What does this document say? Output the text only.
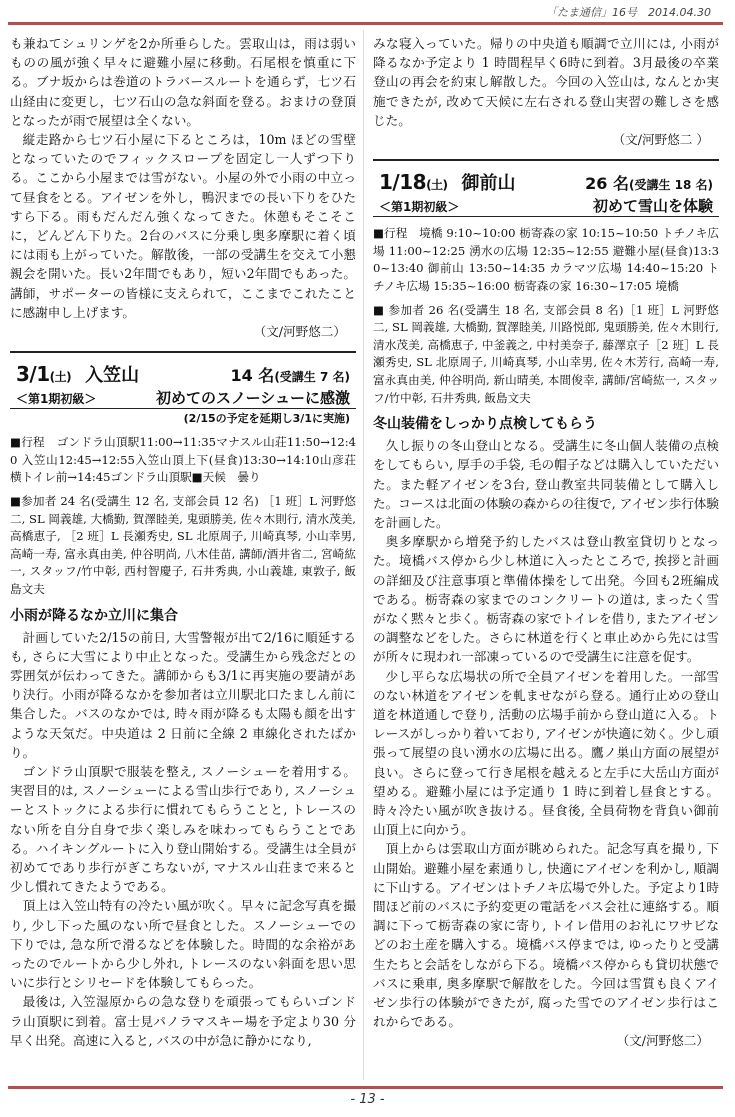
「たま通信」16号　2014.04.30

も兼ねてシュリンゲを2か所垂らした。雲取山は，雨は弱いものの風が強く早々に避難小屋に移動。石尾根を慎重に下る。ブナ坂からは巻道のトラバースルートを通らず，七ツ石山経由に変更し，七ツ石山の急な斜面を登る。おまけの登頂となったが雨で展望は全くない。

縦走路から七ツ石小屋に下るところは，10m ほどの雪壁となっていたのでフィックスロープを固定し一人ずつ下りる。ここから小屋までは雪がない。小屋の外で小雨の中立って昼食をとる。アイゼンを外し，鴨沢までの長い下りをひたすら下る。雨もだんだん強くなってきた。休憩もそこそこに，どんどん下りた。2台のバスに分乗し奥多摩駅に着く頃には雨も上がっていた。解散後，一部の受講生を交えて小懇親会を開いた。長い2年間でもあり，短い2年間でもあった。講師，サポーターの皆様に支えられて，ここまでこれたことに感謝申し上げます。

（文/河野悠二）

3/1(土) 入笠山	14 名(受講生 7 名)
＜第1期初級＞	初めてのスノーシューに感激
(2/15の予定を延期し3/1に実施)

■行程　ゴンドラ山頂駅11:00→11:35マナスル山荘11:50→12:40 入笠山12:45→12:55入笠山頂上下(昼食)13:30→14:10山彦荘横トイレ前→14:45ゴンドラ山頂駅■天候　曇り

■参加者 24 名(受講生 12 名, 支部会員 12 名) ［1 班］L 河野悠二, SL 岡義雄, 大橋勤, 賀澤睦美, 鬼頭勝美, 佐々木則行, 清水茂美, 高橋恵子, ［2 班］L 長瀬秀史, SL 北原周子, 川崎真琴, 小山幸男, 高崎一寿, 富永真由美, 仲谷明尚, 八木佳苗, 講師/酒井省二, 宮崎紘一, スタッフ/竹中彰, 西村智慶子, 石井秀典, 小山義雄, 東敦子, 飯島文夫

小雨が降るなか立川に集合

計画していた2/15の前日, 大雪警報が出て2/16に順延するも, さらに大雪により中止となった。受講生から残念だとの雰囲気が伝わってきた。講師からも3/1に再実施の要請があり決行。小雨が降るなかを参加者は立川駅北口たましん前に集合した。バスのなかでは, 時々雨が降るも太陽も顔を出すような天気だ。中央道は 2 日前に全線 2 車線化されたばかり。

ゴンドラ山頂駅で服装を整え, スノーシューを着用する。実習目的は, スノーシューによる雪山歩行であり, スノーシューとストックによる歩行に慣れてもらうことと, トレースのない所を自分自身で歩く楽しみを味わってもらうことである。ハイキングルートに入り登山開始する。受講生は全員が初めてであり歩行がぎこちないが, マナスル山荘まで来ると少し慣れてきたようである。

頂上は入笠山特有の冷たい風が吹く。早々に記念写真を撮り, 少し下った風のない所で昼食とした。スノーシューでの下りでは, 急な所で滑るなどを体験した。時間的な余裕があったのでルートから少し外れ, トレースのない斜面を思い思いに歩行とシリセードを体験してもらった。

最後は, 入笠湿原からの急な登りを頑張ってもらいゴンドラ山頂駅に到着。富士見パノラマスキー場を予定より30 分早く出発。高速に入ると, バスの中が急に静かになり,

みな寝入っていた。帰りの中央道も順調で立川には, 小雨が降るなか予定より 1 時間程早く6時に到着。3月最後の卒業登山の再会を約束し解散した。今回の入笠山は, なんとか実施できたが, 改めて天候に左右される登山実習の難しさを感じた。

（文/河野悠二 ）

1/18(土) 御前山	26 名(受講生 18 名)
＜第1期初級＞	初めて雪山を体験

■行程　境橋 9:10~10:00 栃寄森の家 10:15~10:50 トチノキ広場 11:00~12:25 湧水の広場 12:35~12:55 避難小屋(昼食)13:30~13:40 御前山 13:50~14:35 カラマツ広場 14:40~15:20 トチノキ広場 15:35~16:00 栃寄森の家 16:30~17:05 境橋

■ 参加者 26 名(受講生 18 名, 支部会員 8 名)［1 班］L 河野悠二, SL 岡義雄, 大橋勤, 賀澤睦美, 川路悦郎, 鬼頭勝美, 佐々木則行, 清水茂美, 高橋恵子, 中釜義之, 中村美奈子, 藤澤京子［2 班］L 長瀬秀史, SL 北原周子, 川崎真琴, 小山幸男, 佐々木芳行, 高崎一寿, 富永真由美, 仲谷明尚, 新山晴美, 本間俊幸, 講師/宮崎紘一, スタッフ/竹中彰, 石井秀典, 飯島文夫

冬山装備をしっかり点検してもらう

久し振りの冬山登山となる。受講生に冬山個人装備の点検をしてもらい, 厚手の手袋, 毛の帽子などは購入していただいた。また軽アイゼンを3台, 登山教室共同装備として購入した。コースは北面の体験の森からの往復で, アイゼン歩行体験を計画した。

奥多摩駅から増発予約したバスは登山教室貸切りとなった。境橋バス停から少し林道に入ったところで, 挨拶と計画の詳細及び注意事項と準備体操をして出発。今回も2班編成である。栃寄森の家までのコンクリートの道は, まったく雪がなく黙々と歩く。栃寄森の家でトイレを借り, またアイゼンの調整などをした。さらに林道を行くと車止めから先には雪が所々に現われ一部凍っているので受講生に注意を促す。

少し平らな広場状の所で全員アイゼンを着用した。一部雪のない林道をアイゼンを軋ませながら登る。通行止めの登山道を林道通しで登り, 活動の広場手前から登山道に入る。トレースがしっかり着いており, アイゼンが快適に効く。少し頑張って展望の良い湧水の広場に出る。鷹ノ巣山方面の展望が良い。さらに登って行き尾根を越えると左手に大岳山方面が望める。避難小屋には予定通り 1 時に到着し昼食とする。時々冷たい風が吹き抜ける。昼食後, 全員荷物を背負い御前山頂上に向かう。

頂上からは雲取山方面が眺められた。記念写真を撮り, 下山開始。避難小屋を素通りし, 快適にアイゼンを利かし, 順調に下山する。アイゼンはトチノキ広場で外した。予定より1時間ほど前のバスに予約変更の電話をバス会社に連絡する。順調に下って栃寄森の家に寄り, トイレ借用のお礼にワサビなどのお土産を購入する。境橋バス停までは, ゆったりと受講生たちと会話をしながら下る。境橋バス停からも貸切状態でバスに乗車, 奥多摩駅で解散をした。今回は雪質も良くアイゼン歩行の体験ができたが, 腐った雪でのアイゼン歩行はこれからである。

（文/河野悠二）

- 13 -
